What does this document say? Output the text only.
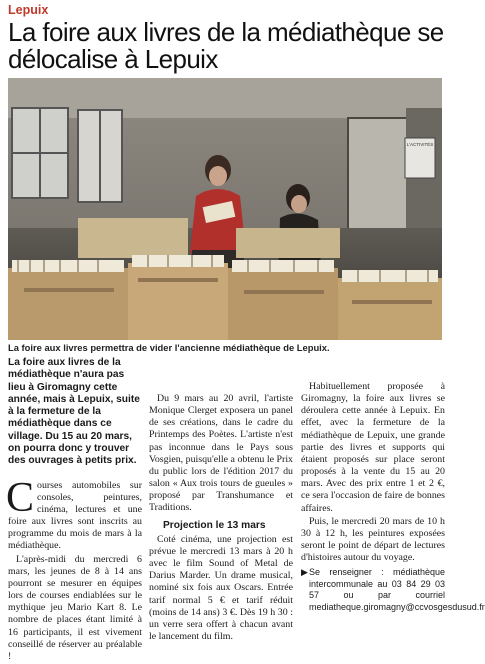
Lepuix
La foire aux livres de la médiathèque se délocalise à Lepuix
L'ACTIVITÉS
La foire aux livres permettra de vider l'ancienne médiathèque de Lepuix.

La foire aux livres de la médiathèque n'aura pas lieu à Giromagny cette année, mais à Lepuix, suite à la fermeture de la médiathèque dans ce village. Du 15 au 20 mars, on pourra donc y trouver des ouvrages à petits prix.

Courses automobiles sur consoles, peintures, cinéma, lectures et une foire aux livres sont inscrits au programme du mois de mars à la médiathèque.

L'après-midi du mercredi 6 mars, les jeunes de 8 à 14 ans pourront se mesurer en équipes lors de courses endiablées sur le mythique jeu Mario Kart 8. Le nombre de places étant limité à 16 participants, il est vivement conseillé de réserver au préalable !

Du 9 mars au 20 avril, l'artiste Monique Clerget exposera un panel de ses créations, dans le cadre du Printemps des Poètes. L'artiste n'est pas inconnue dans le Pays sous Vosgien, puisqu'elle a obtenu le Prix du public lors de l'édition 2017 du salon « Aux trois tours de gueules » proposé par Transhumance et Traditions.

Projection le 13 mars

Coté cinéma, une projection est prévue le mercredi 13 mars à 20 h avec le film Sound of Metal de Darius Marder. Un drame musical, nominé six fois aux Oscars. Entrée tarif normal 5 € et tarif réduit (moins de 14 ans) 3 €. Dès 19 h 30 : un verre sera offert à chacun avant le lancement du film.

Habituellement proposée à Giromagny, la foire aux livres se déroulera cette année à Lepuix. En effet, avec la fermeture de la médiathèque de Lepuix, une grande partie des livres et supports qui étaient proposés sur place seront proposés à la vente du 15 au 20 mars. Avec des prix entre 1 et 2 €, ce sera l'occasion de faire de bonnes affaires.

Puis, le mercredi 20 mars de 10 h 30 à 12 h, les peintures exposées seront le point de départ de lectures d'histoires autour du voyage.

▶Se renseigner : médiathèque intercommunale au 03 84 29 03 57 ou par courriel mediatheque.giromagny@ccvosgesdusud.fr
